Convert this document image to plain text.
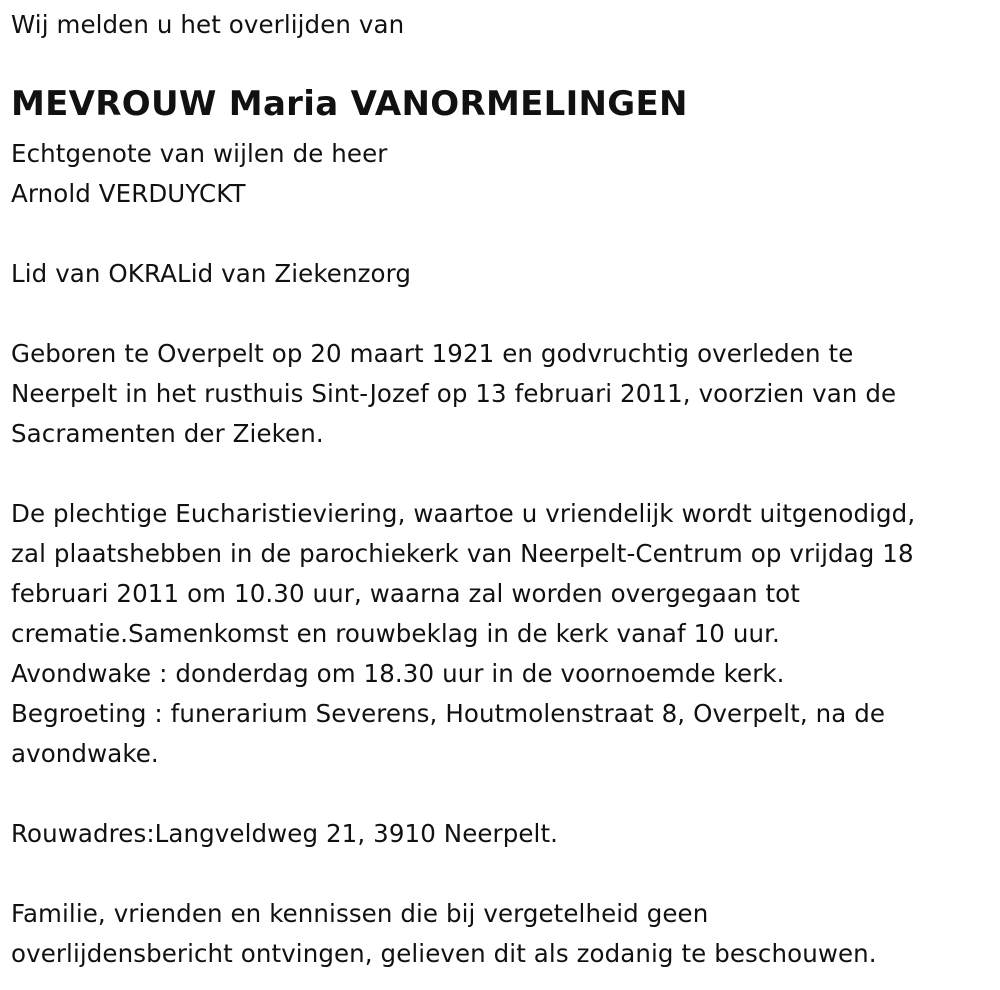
Wij melden u het overlijden van
MEVROUW Maria VANORMELINGEN
Echtgenote van wijlen de heer
Arnold VERDUYCKT
Lid van OKRALid van Ziekenzorg
Geboren te Overpelt op 20 maart 1921 en godvruchtig overleden te
Neerpelt in het rusthuis Sint-Jozef op 13 februari 2011, voorzien van de
Sacramenten der Zieken.
De plechtige Eucharistieviering, waartoe u vriendelijk wordt uitgenodigd,
zal plaatshebben in de parochiekerk van Neerpelt-Centrum op vrijdag 18
februari 2011 om 10.30 uur, waarna zal worden overgegaan tot
crematie.Samenkomst en rouwbeklag in de kerk vanaf 10 uur.
Avondwake : donderdag om 18.30 uur in de voornoemde kerk.
Begroeting : funerarium Severens, Houtmolenstraat 8, Overpelt, na de
avondwake.
Rouwadres:Langveldweg 21, 3910 Neerpelt.
Familie, vrienden en kennissen die bij vergetelheid geen
overlijdensbericht ontvingen, gelieven dit als zodanig te beschouwen.
